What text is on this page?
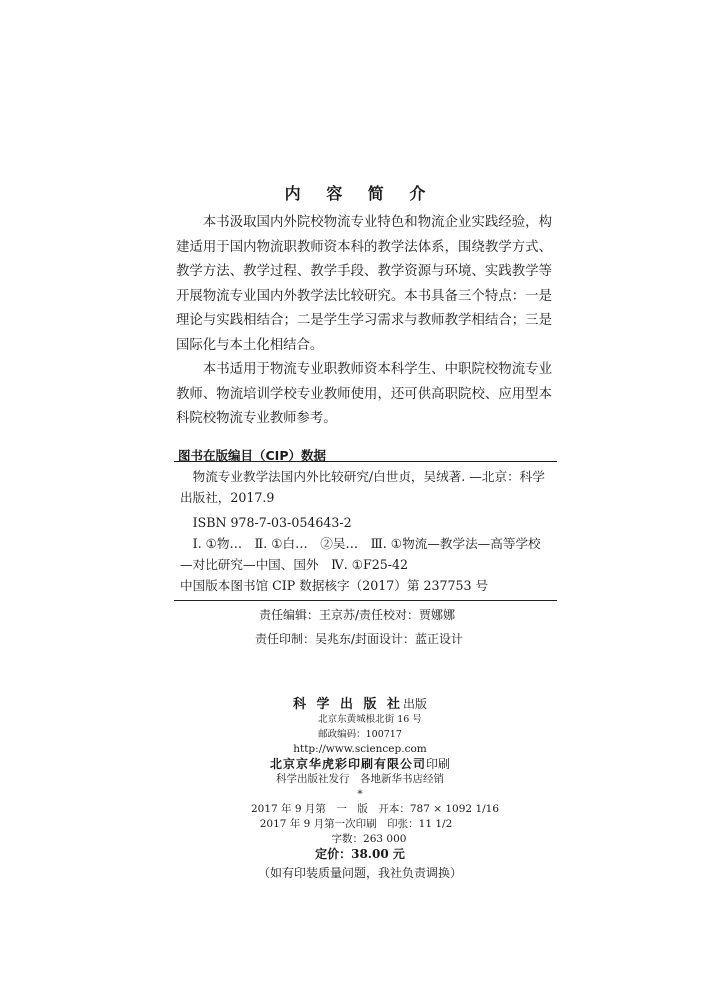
内 容 简 介

本书汲取国内外院校物流专业特色和物流企业实践经验，构建适用于国内物流职教师资本科的教学法体系，围绕教学方式、教学方法、教学过程、教学手段、教学资源与环境、实践教学等开展物流专业国内外教学法比较研究。本书具备三个特点：一是理论与实践相结合；二是学生学习需求与教师教学相结合；三是国际化与本土化相结合。

本书适用于物流专业职教师资本科学生、中职院校物流专业教师、物流培训学校专业教师使用，还可供高职院校、应用型本科院校物流专业教师参考。

图书在版编目（CIP）数据
物流专业教学法国内外比较研究/白世贞，吴绒著. —北京：科学出版社，2017.9
ISBN 978-7-03-054643-2
Ⅰ. ①物…　Ⅱ. ①白…　②吴…　Ⅲ. ①物流—教学法—高等学校—对比研究—中国、国外　Ⅳ. ①F25-42
中国版本图书馆 CIP 数据核字（2017）第 237753 号
责任编辑：王京苏/责任校对：贾娜娜
责任印制：吴兆东/封面设计：蓝正设计
科 学 出 版 社出版
北京东黄城根北街 16 号
邮政编码：100717
http://www.sciencep.com
北京京华虎彩印刷有限公司印刷
科学出版社发行　各地新华书店经销
*
2017 年 9 月第　一　版　开本：787 × 1092 1/16
2017 年 9 月第一次印刷　印张：11 1/2
字数：263 000
定价：38.00 元
（如有印装质量问题，我社负责调换）
